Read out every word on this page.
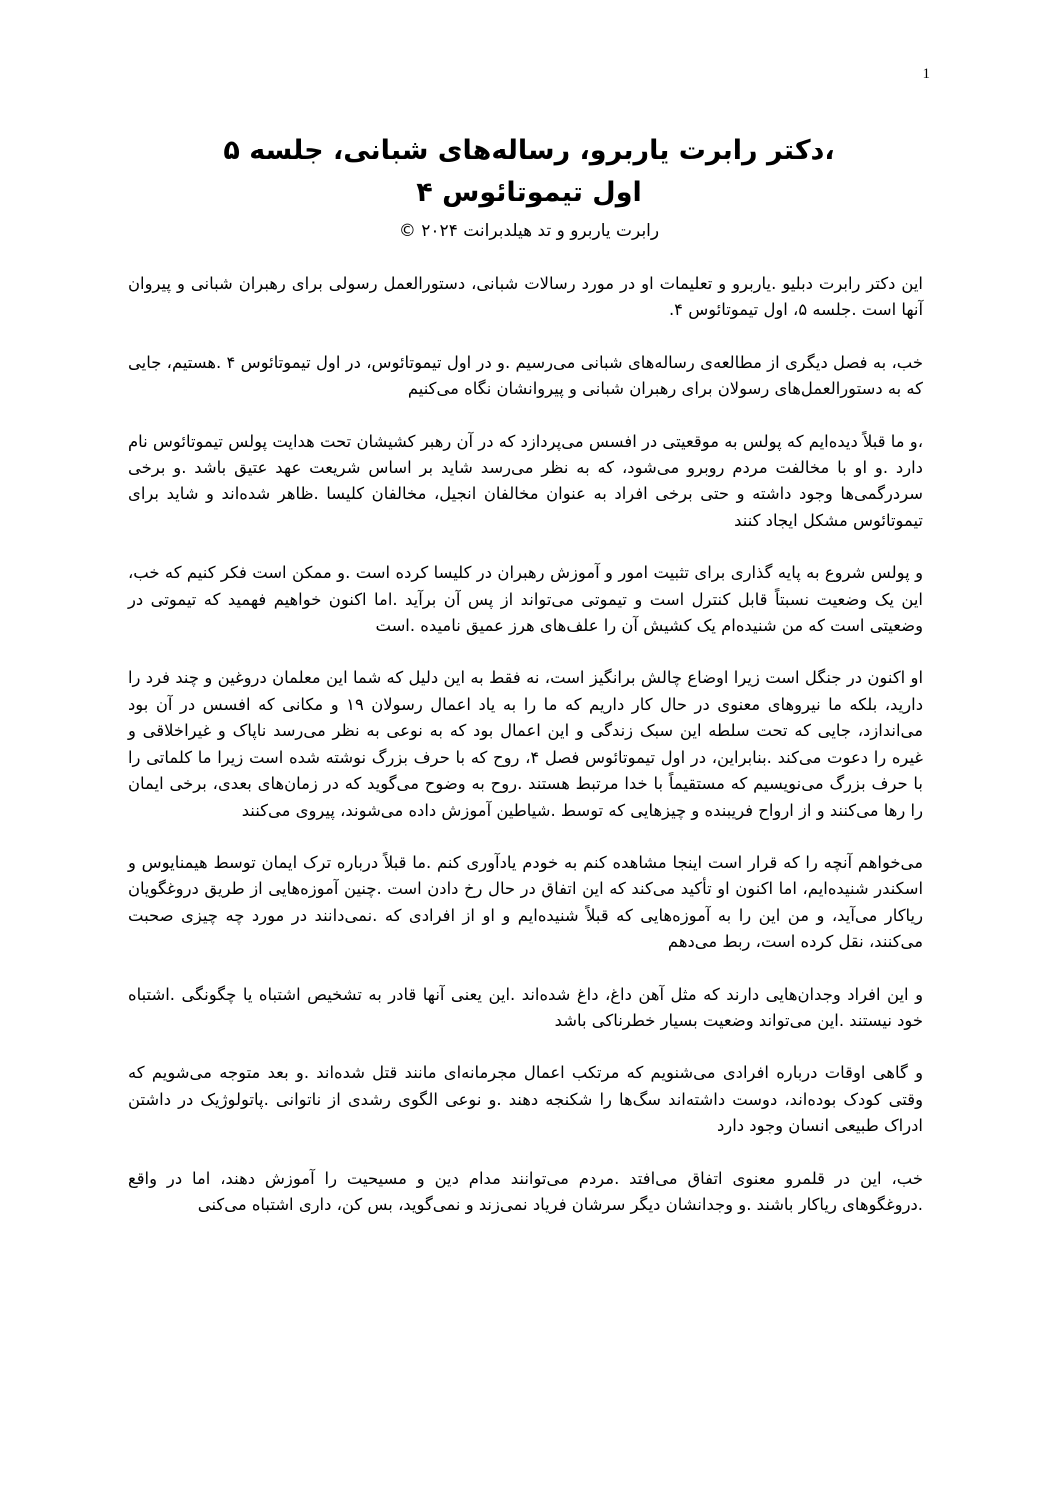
1
،دکتر رابرت یاربرو، رساله‌های شبانی، جلسه ۵
اول تیموتائوس ۴
رابرت یاربرو و تد هیلدبرانت ۲۰۲۴ ©

این دکتر رابرت دبلیو .یاربرو و تعلیمات او در مورد رسالات شبانی، دستورالعمل رسولی برای رهبران شبانی و پیروان آنها است .جلسه ۵، اول تیموتائوس ۴.

خب، به فصل دیگری از مطالعه‌ی رساله‌های شبانی می‌رسیم .و در اول تیموتائوس، در اول تیموتائوس ۴ .هستیم، جایی که به دستورالعمل‌های رسولان برای رهبران شبانی و پیروانشان نگاه می‌کنیم

،و ما قبلاً دیده‌ایم که پولس به موقعیتی در افسس می‌پردازد که در آن رهبر کشیشان تحت هدایت پولس تیموتائوس نام دارد .و او با مخالفت مردم روبرو می‌شود، که به نظر می‌رسد شاید بر اساس شریعت عهد عتیق باشد .و برخی سردرگمی‌ها وجود داشته و حتی برخی افراد به عنوان مخالفان انجیل، مخالفان کلیسا .ظاهر شده‌اند و شاید برای تیموتائوس مشکل ایجاد کنند

و پولس شروع به پایه گذاری برای تثبیت امور و آموزش رهبران در کلیسا کرده است .و ممکن است فکر کنیم که خب، این یک وضعیت نسبتاً قابل کنترل است و تیموتی می‌تواند از پس آن برآید .اما اکنون خواهیم فهمید که تیموتی در وضعیتی است که من شنیده‌ام یک کشیش آن را علف‌های هرز عمیق نامیده .است

او اکنون در جنگل است زیرا اوضاع چالش برانگیز است، نه فقط به این دلیل که شما این معلمان دروغین و چند فرد را دارید، بلکه ما نیروهای معنوی در حال کار داریم که ما را به یاد اعمال رسولان ۱۹ و مکانی که افسس در آن بود می‌اندازد، جایی که تحت سلطه این سبک زندگی و این اعمال بود که به نوعی به نظر می‌رسد ناپاک و غیراخلاقی و غیره را دعوت می‌کند .بنابراین، در اول تیموتائوس فصل ۴، روح که با حرف بزرگ نوشته شده است زیرا ما کلماتی را با حرف بزرگ می‌نویسیم که مستقیماً با خدا مرتبط هستند .روح به وضوح می‌گوید که در زمان‌های بعدی، برخی ایمان را رها می‌کنند و از ارواح فریبنده و چیزهایی که توسط .شیاطین آموزش داده می‌شوند، پیروی می‌کنند

می‌خواهم آنچه را که قرار است اینجا مشاهده کنم به خودم یادآوری کنم .ما قبلاً درباره ترک ایمان توسط هیمنایوس و اسکندر شنیده‌ایم، اما اکنون او تأکید می‌کند که این اتفاق در حال رخ دادن است .چنین آموزه‌هایی از طریق دروغگویان ریاکار می‌آید، و من این را به آموزه‌هایی که قبلاً شنیده‌ایم و او از افرادی که .نمی‌دانند در مورد چه چیزی صحبت می‌کنند، نقل کرده است، ربط می‌دهم

و این افراد وجدان‌هایی دارند که مثل آهن داغ، داغ شده‌اند .این یعنی آنها قادر به تشخیص اشتباه یا چگونگی .اشتباه خود نیستند .این می‌تواند وضعیت بسیار خطرناکی باشد

و گاهی اوقات درباره افرادی می‌شنویم که مرتکب اعمال مجرمانه‌ای مانند قتل شده‌اند .و بعد متوجه می‌شویم که وقتی کودک بوده‌اند، دوست داشته‌اند سگ‌ها را شکنجه دهند .و نوعی الگوی رشدی از ناتوانی .پاتولوژیک در داشتن ادراک طبیعی انسان وجود دارد

خب، این در قلمرو معنوی اتفاق می‌افتد .مردم می‌توانند مدام دین و مسیحیت را آموزش دهند، اما در واقع .دروغگوهای ریاکار باشند .و وجدانشان دیگر سرشان فریاد نمی‌زند و نمی‌گوید، بس کن، داری اشتباه می‌کنی
